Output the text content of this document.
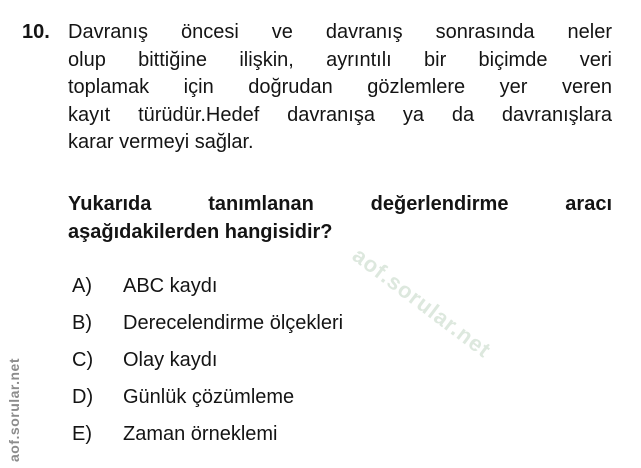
10. Davranış öncesi ve davranış sonrasında neler
olup bittiğine ilişkin, ayrıntılı bir biçimde veri
toplamak için doğrudan gözlemlere yer veren
kayıt türüdür.Hedef davranışa ya da davranışlara
karar vermeyi sağlar.
Yukarıda tanımlanan değerlendirme aracı
aşağıdakilerden hangisidir?
A)	ABC kaydı
B)	Derecelendirme ölçekleri
C)	Olay kaydı
D)	Günlük çözümleme
E)	Zaman örneklemi
aof.sorular.net
aof.sorular.net
